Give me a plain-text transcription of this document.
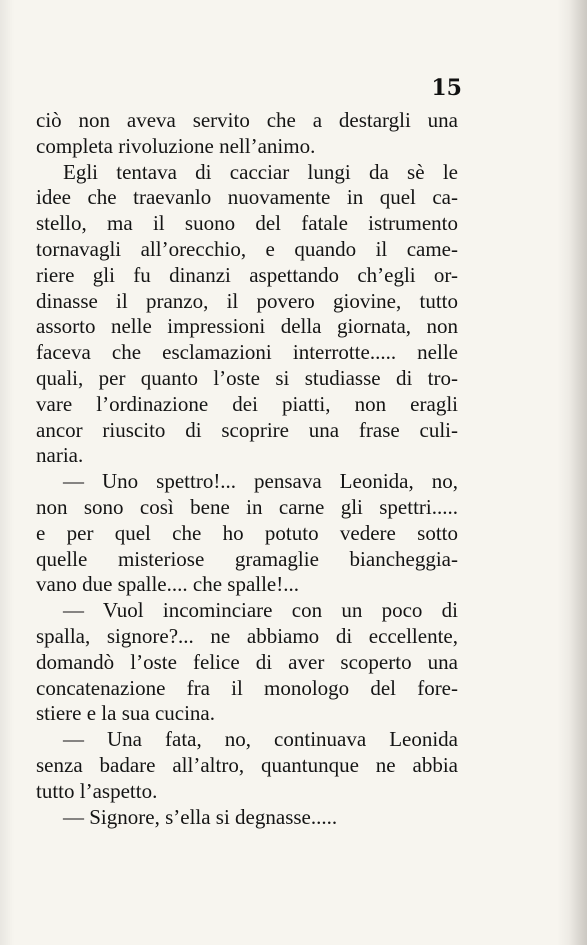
15
ciò non aveva servito che a destargli una
completa rivoluzione nell’animo.
Egli tentava di cacciar lungi da sè le
idee che traevanlo nuovamente in quel ca-
stello, ma il suono del fatale istrumento
tornavagli all’orecchio, e quando il came-
riere gli fu dinanzi aspettando ch’egli or-
dinasse il pranzo, il povero giovine, tutto
assorto nelle impressioni della giornata, non
faceva che esclamazioni interrotte..... nelle
quali, per quanto l’oste si studiasse di tro-
vare l’ordinazione dei piatti, non eragli
ancor riuscito di scoprire una frase culi-
naria.
— Uno spettro!... pensava Leonida, no,
non sono così bene in carne gli spettri.....
e per quel che ho potuto vedere sotto
quelle misteriose gramaglie biancheggia-
vano due spalle.... che spalle!...
— Vuol incominciare con un poco di
spalla, signore?... ne abbiamo di eccellente,
domandò l’oste felice di aver scoperto una
concatenazione fra il monologo del fore-
stiere e la sua cucina.
— Una fata, no, continuava Leonida
senza badare all’altro, quantunque ne abbia
tutto l’aspetto.
— Signore, s’ella si degnasse.....
